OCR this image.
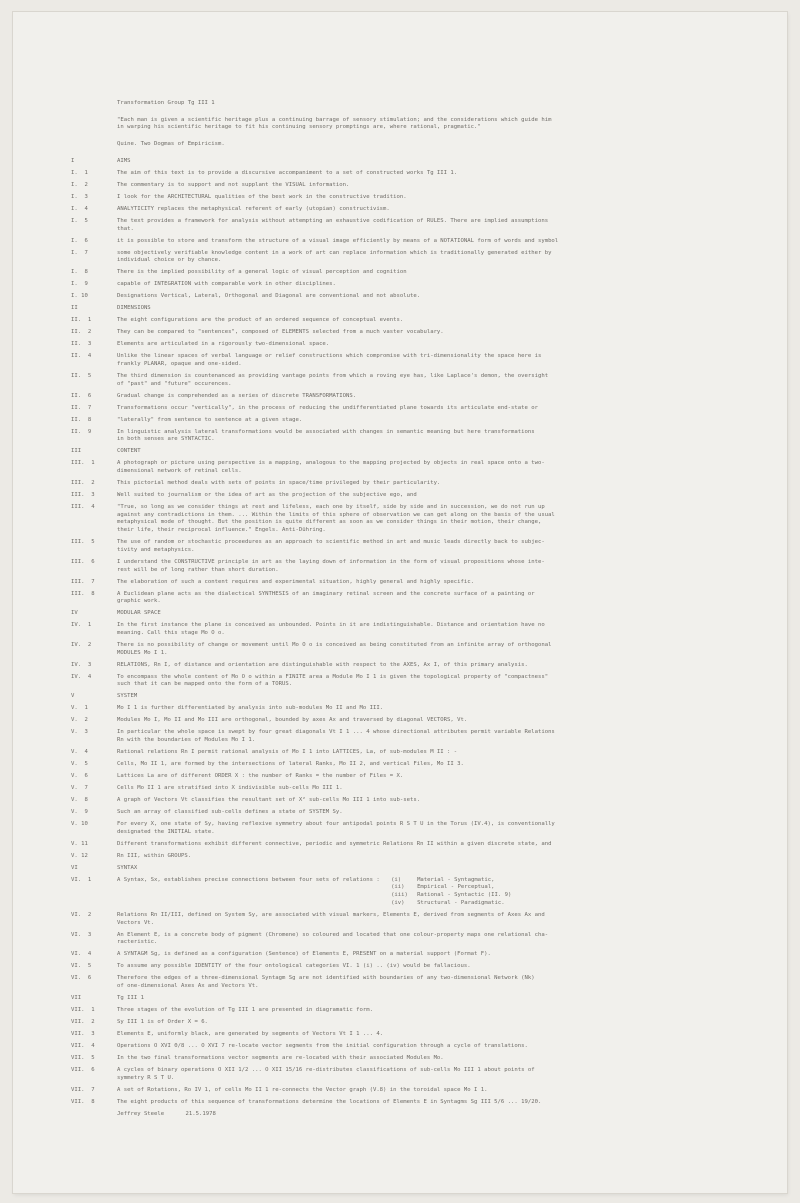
Transformation Group Tg III 1
"Each man is given a scientific heritage plus a continuing barrage of sensory stimulation; and the considerations which guide him
in warping his scientific heritage to fit his continuing sensory promptings are, where rational, pragmatic."
Quine. Two Dogmas of Empiricism.
I	AIMS
I.  1	The aim of this text is to provide a discursive accompaniment to a set of constructed works Tg III 1.
I.  2	The commentary is to support and not supplant the VISUAL information.
I.  3	I look for the ARCHITECTURAL qualities of the best work in the constructive tradition.
I.  4	ANALYTICITY replaces the metaphysical referent of early (utopian) constructivism.
I.  5	The text provides a framework for analysis without attempting an exhaustive codification of RULES. There are implied assumptions
that.
I.  6	it is possible to store and transform the structure of a visual image efficiently by means of a NOTATIONAL form of words and symbol
I.  7	some objectively verifiable knowledge content in a work of art can replace information which is traditionally generated either by
individual choice or by chance.
I.  8	There is the implied possibility of a general logic of visual perception and cognition
I.  9	capable of INTEGRATION with comparable work in other disciplines.
I. 10	Designations Vertical, Lateral, Orthogonal and Diagonal are conventional and not absolute.
II	DIMENSIONS
II.  1	The eight configurations are the product of an ordered sequence of conceptual events.
II.  2	They can be compared to "sentences", composed of ELEMENTS selected from a much vaster vocabulary.
II.  3	Elements are articulated in a rigorously two-dimensional space.
II.  4	Unlike the linear spaces of verbal language or relief constructions which compromise with tri-dimensionality the space here is
frankly PLANAR, opaque and one-sided.
II.  5	The third dimension is countenanced as providing vantage points from which a roving eye has, like Laplace's demon, the oversight
of "past" and "future" occurences.
II.  6	Gradual change is comprehended as a series of discrete TRANSFORMATIONS.
II.  7	Transformations occur "vertically", in the process of reducing the undifferentiated plane towards its articulate end-state or
II.  8	"laterally" from sentence to sentence at a given stage.
II.  9	In linguistic analysis lateral transformations would be associated with changes in semantic meaning but here transformations
in both senses are SYNTACTIC.
III	CONTENT
III.  1	A photograph or picture using perspective is a mapping, analogous to the mapping projected by objects in real space onto a two-
dimensional network of retinal cells.
III.  2	This pictorial method deals with sets of points in space/time privileged by their particularity.
III.  3	Well suited to journalism or the idea of art as the projection of the subjective ego, and
III.  4	"True, so long as we consider things at rest and lifeless, each one by itself, side by side and in succession, we do not run up
against any contradictions in them. ... Within the limits of this sphere of observation we can get along on the basis of the usual
metaphysical mode of thought. But the position is quite different as soon as we consider things in their motion, their change,
their life, their reciprocal influence." Engels. Anti-Dühring.
III.  5	The use of random or stochastic proceedures as an approach to scientific method in art and music leads directly back to subjec-
tivity and metaphysics.
III.  6	I understand the CONSTRUCTIVE principle in art as the laying down of information in the form of visual propositions whose inte-
rest will be of long rather than short duration.
III.  7	The elaboration of such a content requires and experimental situation, highly general and highly specific.
III.  8	A Euclidean plane acts as the dialectical SYNTHESIS of an imaginary retinal screen and the concrete surface of a painting or
graphic work.
IV	MODULAR SPACE
IV.  1	In the first instance the plane is conceived as unbounded. Points in it are indistinguishable. Distance and orientation have no
meaning. Call this stage Mo O o.
IV.  2	There is no possibility of change or movement until Mo O o is conceived as being constituted from an infinite array of orthogonal
MODULES Mo I 1.
IV.  3	RELATIONS, Rn I, of distance and orientation are distinguishable with respect to the AXES, Ax I, of this primary analysis.
IV.  4	To encompass the whole content of Mo O o within a FINITE area a Module Mo I 1 is given the topological property of "compactness"
such that it can be mapped onto the form of a TORUS.
V	SYSTEM
V.  1	Mo I 1 is further differentiated by analysis into sub-modules Mo II and Mo III.
V.  2	Modules Mo I, Mo II and Mo III are orthogonal, bounded by axes Ax and traversed by diagonal VECTORS, Vt.
V.  3	In particular the whole space is swept by four great diagonals Vt I 1 ... 4 whose directional attributes permit variable Relations
Rn with the boundaries of Modules Mo I 1.
V.  4	Rational relations Rn I permit rational analysis of Mo I 1 into LATTICES, La, of sub-modules M II : -
V.  5	Cells, Mo II 1, are formed by the intersections of lateral Ranks, Mo II 2, and vertical Files, Mo II 3.
V.  6	Lattices La are of different ORDER X : the number of Ranks = the number of Files = X.
V.  7	Cells Mo II 1 are stratified into X indivisible sub-cells Mo III 1.
V.  8	A graph of Vectors Vt classifies the resultant set of X² sub-cells Mo III 1 into sub-sets.
V.  9	Such an array of classified sub-cells defines a state of SYSTEM Sy.
V. 10	For every X, one state of Sy, having reflexive symmetry about four antipodal points R S T U in the Torus (IV.4), is conventionally
designated the INITIAL state.
V. 11	Different transformations exhibit different connective, periodic and symmetric Relations Rn II within a given discrete state, and
V. 12	Rn III, within GROUPS.
VI	SYNTAX
VI.  1	A Syntax, Sx, establishes precise connections between four sets of relations : (i)	Material - Syntagmatic,
(ii)	Empirical - Perceptual,
(iii)	Rational - Syntactic (II. 9)
(iv)	Structural - Paradigmatic.
VI.  2	Relations Rn II/III, defined on System Sy, are associated with visual markers, Elements E, derived from segments of Axes Ax and
Vectors Vt.
VI.  3	An Element E, is a concrete body of pigment (Chromene) so coloured and located that one colour-property maps one relational cha-
racteristic.
VI.  4	A SYNTAGM Sg, is defined as a configuration (Sentence) of Elements E, PRESENT on a material support (Format F).
VI.  5	To assume any possible IDENTITY of the four ontological categories VI. 1 (i) .. (iv) would be fallacious.
VI.  6	Therefore the edges of a three-dimensional Syntagm Sg are not identified with boundaries of any two-dimensional Network (Nk)
of one-dimensional Axes Ax and Vectors Vt.
VII	Tg III 1
VII.  1	Three stages of the evolution of Tg III 1 are presented in diagramatic form.
VII.  2	Sy III 1 is of Order X = 6.
VII.  3	Elements E, uniformly black, are generated by segments of Vectors Vt I 1 ... 4.
VII.  4	Operations O XVI 0/8 ... O XVI 7 re-locate vector segments from the initial configuration through a cycle of translations.
VII.  5	In the two final transformations vector segments are re-located with their associated Modules Mo.
VII.  6	A cycles of binary operations O XII 1/2 ... O XII 15/16 re-distributes classifications of sub-cells Mo III 1 about points of
symmetry R S T U.
VII.  7	A set of Rotations, Ro IV 1, of cells Mo II 1 re-connects the Vector graph (V.8) in the toroidal space Mo I 1.
VII.  8	The eight products of this sequence of transformations determine the locations of Elements E in Syntagms Sg III 5/6 ... 19/20.
Jeffrey Steele	21.5.1978
